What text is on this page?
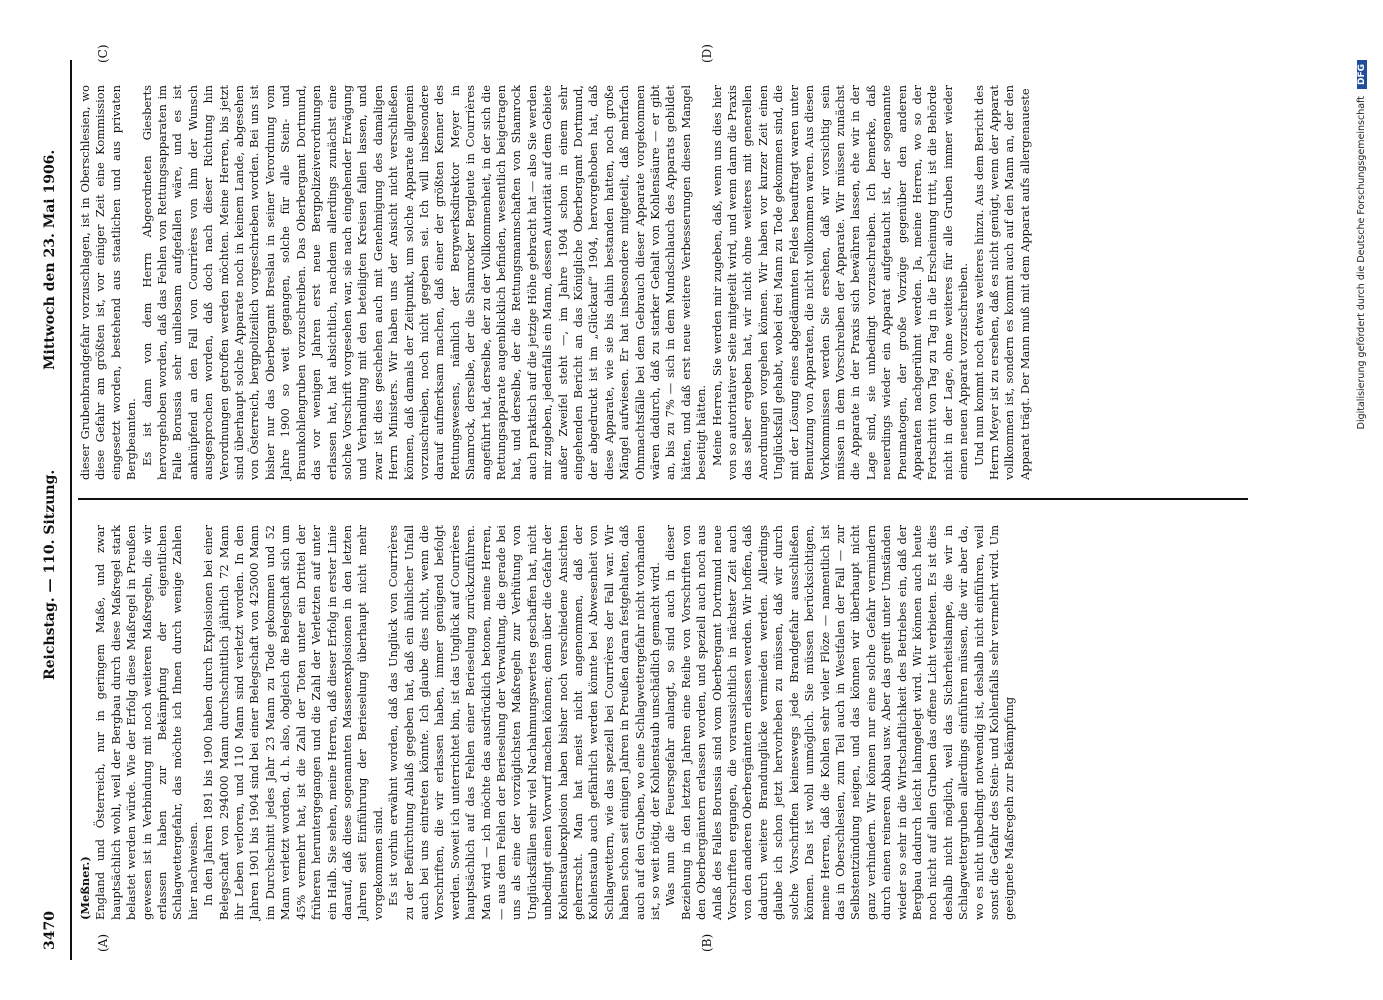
3470
Reichstag. — 110. Sitzung.
Mittwoch den 23. Mai 1906.
(A)	(B)
(C)	(D)

(Meßner.) England und Österreich, nur in geringem Maße, und zwar hauptsächlich wohl, weil der Bergbau durch diese Maßregel stark belastet werden würde. Wie der Erfolg diese Maßregel in Preußen gewesen ist in Verbindung mit noch weiteren Maßregeln, die wir erlassen haben zur Bekämpfung der eigentlichen Schlagwettergefahr, das möchte ich Ihnen durch wenige Zahlen hier nachweisen. In den Jahren 1891 bis 1900 haben durch Explosionen bei einer Belegschaft von 294000 Mann durchschnittlich jährlich 72 Mann ihr Leben verloren, und 110 Mann sind verletzt worden. In den Jahren 1901 bis 1904 sind bei einer Belegschaft von 425000 Mann im Durchschnitt jedes Jahr 23 Mann zu Tode gekommen und 52 Mann verletzt worden, d. h. also, obgleich die Belegschaft sich um 45% vermehrt hat, ist die Zahl der Toten unter ein Drittel der früheren heruntergegangen und die Zahl der Verletzten auf unter ein Halb. Sie sehen, meine Herren, daß dieser Erfolg in erster Linie darauf, daß diese sogenannten Massenexplosionen in den letzten Jahren seit Einführung der Berieselung überhaupt nicht mehr vorgekommen sind. Es ist vorhin erwähnt worden, daß das Unglück von Courrières zu der Befürchtung Anlaß gegeben hat, daß ein ähnlicher Unfall auch bei uns eintreten könnte. Ich glaube dies nicht, wenn die Vorschriften, die wir erlassen haben, immer genügend befolgt werden. Soweit ich unterrichtet bin, ist das Unglück auf Courrières hauptsächlich auf das Fehlen einer Berieselung zurückzuführen. Man wird — ich möchte das ausdrücklich betonen, meine Herren, — aus dem Fehlen der Berieselung der Verwaltung, die gerade bei uns als eine der vorzüglichsten Maßregeln zur Verhütung von Unglücksfällen sehr viel Nachahmungswertes geschaffen hat, nicht unbedingt einen Vorwurf machen können; denn über die Gefahr der Kohlenstaubexplosion haben bisher noch verschiedene Ansichten geherrscht. Man hat meist nicht angenommen, daß der Kohlenstaub auch gefährlich werden könnte bei Abwesenheit von Schlagwettern, wie das speziell bei Courrières der Fall war. Wir haben schon seit einigen Jahren in Preußen daran festgehalten, daß auch auf den Gruben, wo eine Schlagwettergefahr nicht vorhanden ist, so weit nötig, der Kohlenstaub unschädlich gemacht wird. Was nun die Feuersgefahr anlangt, so sind auch in dieser Beziehung in den letzten Jahren eine Reihe von Vorschriften von den Oberbergämtern erlassen worden, und speziell auch noch aus Anlaß des Falles Borussia sind vom Oberbergamt Dortmund neue Vorschriften ergangen, die voraussichtlich in nächster Zeit auch von den anderen Oberbergämtern erlassen werden. Wir hoffen, daß dadurch weitere Brandunglücke vermieden werden. Allerdings glaube ich schon jetzt hervorheben zu müssen, daß wir durch solche Vorschriften keineswegs jede Brandgefahr ausschließen können. Das ist wohl unmöglich. Sie müssen berücksichtigen, meine Herren, daß die Kohlen sehr vieler Flöze — namentlich ist das in Oberschlesien, zum Teil auch in Westfalen der Fall — zur Selbstentzündung neigen, und das können wir überhaupt nicht ganz verhindern. Wir können nur eine solche Gefahr vermindern durch einen reineren Abbau usw. Aber das greift unter Umständen wieder so sehr in die Wirtschaftlichkeit des Betriebes ein, daß der Bergbau dadurch leicht lahmgelegt wird. Wir können auch heute noch nicht auf allen Gruben das offene Licht verbieten. Es ist dies deshalb nicht möglich, weil das Sicherheitslampe, die wir in Schlagwettergruben allerdings einführen müssen, die wir aber da, wo es nicht unbedingt notwendig ist, deshalb nicht einführen, weil sonst die Gefahr des Stein- und Kohlenfalls sehr vermehrt wird. Um geeignete Maßregeln zur Bekämpfung

dieser Grubenbrandgefahr vorzuschlagen, ist in Oberschlesien, wo diese Gefahr am größten ist, vor einiger Zeit eine Kommission eingesetzt worden, bestehend aus staatlichen und aus privaten Bergbeamten. Es ist dann von dem Herrn Abgeordneten Giesberts hervorgehoben worden, daß das Fehlen von Rettungsapparaten im Falle Borussia sehr unliebsam aufgefallen wäre, und es ist anknüpfend an den Fall von Courrières von ihm der Wunsch ausgesprochen worden, daß doch nach dieser Richtung hin Verordnungen getroffen werden möchten. Meine Herren, bis jetzt sind überhaupt solche Apparate noch in keinem Lande, abgesehen von Österreich, bergpolizeilich vorgeschrieben worden. Bei uns ist bisher nur das Oberbergamt Breslau in seiner Verordnung vom Jahre 1900 so weit gegangen, solche für alle Stein- und Braunkohlengruben vorzuschreiben. Das Oberbergamt Dortmund, das vor wenigen Jahren erst neue Bergpolizeiverordnungen erlassen hat, hat absichtlich, nachdem allerdings zunächst eine solche Vorschrift vorgesehen war, sie nach eingehender Erwägung und Verhandlung mit den beteiligten Kreisen fallen lassen, und zwar ist dies geschehen auch mit Genehmigung des damaligen Herrn Ministers. Wir haben uns der Ansicht nicht verschließen können, daß damals der Zeitpunkt, um solche Apparate allgemein vorzuschreiben, noch nicht gegeben sei. Ich will insbesondere darauf aufmerksam machen, daß einer der größten Kenner des Rettungswesens, nämlich der Bergwerksdirektor Meyer in Shamrock, derselbe, der die Shamrocker Bergleute in Courrières angeführt hat, derselbe, der zu der Vollkommenheit, in der sich die Rettungsapparate augenblicklich befinden, wesentlich beigetragen hat, und derselbe, der die Rettungsmannschaften von Shamrock auch praktisch auf die jetzige Höhe gebracht hat — also Sie werden mir zugeben, jedenfalls ein Mann, dessen Autorität auf dem Gebiete außer Zweifel steht —, im Jahre 1904 schon in einem sehr eingehenden Bericht an das Königliche Oberbergamt Dortmund, der abgedruckt ist im „Glückauf“ 1904, hervorgehoben hat, daß diese Apparate, wie sie bis dahin bestanden hatten, noch große Mängel aufwiesen. Er hat insbesondere mitgeteilt, daß mehrfach Ohnmachtsfälle bei dem Gebrauch dieser Apparate vorgekommen wären dadurch, daß zu starker Gehalt von Kohlensäure — er gibt an, bis zu 7% — sich in dem Mundschlauch des Apparats gebildet hätten, und daß erst neue weitere Verbesserungen diesen Mangel beseitigt hätten. Meine Herren, Sie werden mir zugeben, daß, wenn uns dies hier von so autoritativer Seite mitgeteilt wird, und wenn dann die Praxis das selber ergeben hat, wir nicht ohne weiteres mit generellen Anordnungen vorgehen können. Wir haben vor kurzer Zeit einen Unglücksfall gehabt, wobei drei Mann zu Tode gekommen sind, die mit der Lösung eines abgedämmten Feldes beauftragt waren unter Benutzung von Apparaten, die nicht vollkommen waren. Aus diesen Vorkommnissen werden Sie ersehen, daß wir vorsichtig sein müssen in dem Vorschreiben der Apparate. Wir müssen zunächst die Apparate in der Praxis sich bewähren lassen, ehe wir in der Lage sind, sie unbedingt vorzuschreiben. Ich bemerke, daß neuerdings wieder ein Apparat aufgetaucht ist, der sogenannte Pneumatogen, der große Vorzüge gegenüber den anderen Apparaten nachgerühmt werden. Ja, meine Herren, wo so der Fortschritt von Tag zu Tag in die Erscheinung tritt, ist die Behörde nicht in der Lage, ohne weiteres für alle Gruben immer wieder einen neuen Apparat vorzuschreiben. Und nun kommt noch etwas weiteres hinzu. Aus dem Bericht des Herrn Meyer ist zu ersehen, daß es nicht genügt, wenn der Apparat vollkommen ist, sondern es kommt auch auf den Mann an, der den Apparat trägt. Der Mann muß mit dem Apparat aufs allergenaueste	Digitalisierung gefördert durch die Deutsche Forschungsgemeinschaft DFG
